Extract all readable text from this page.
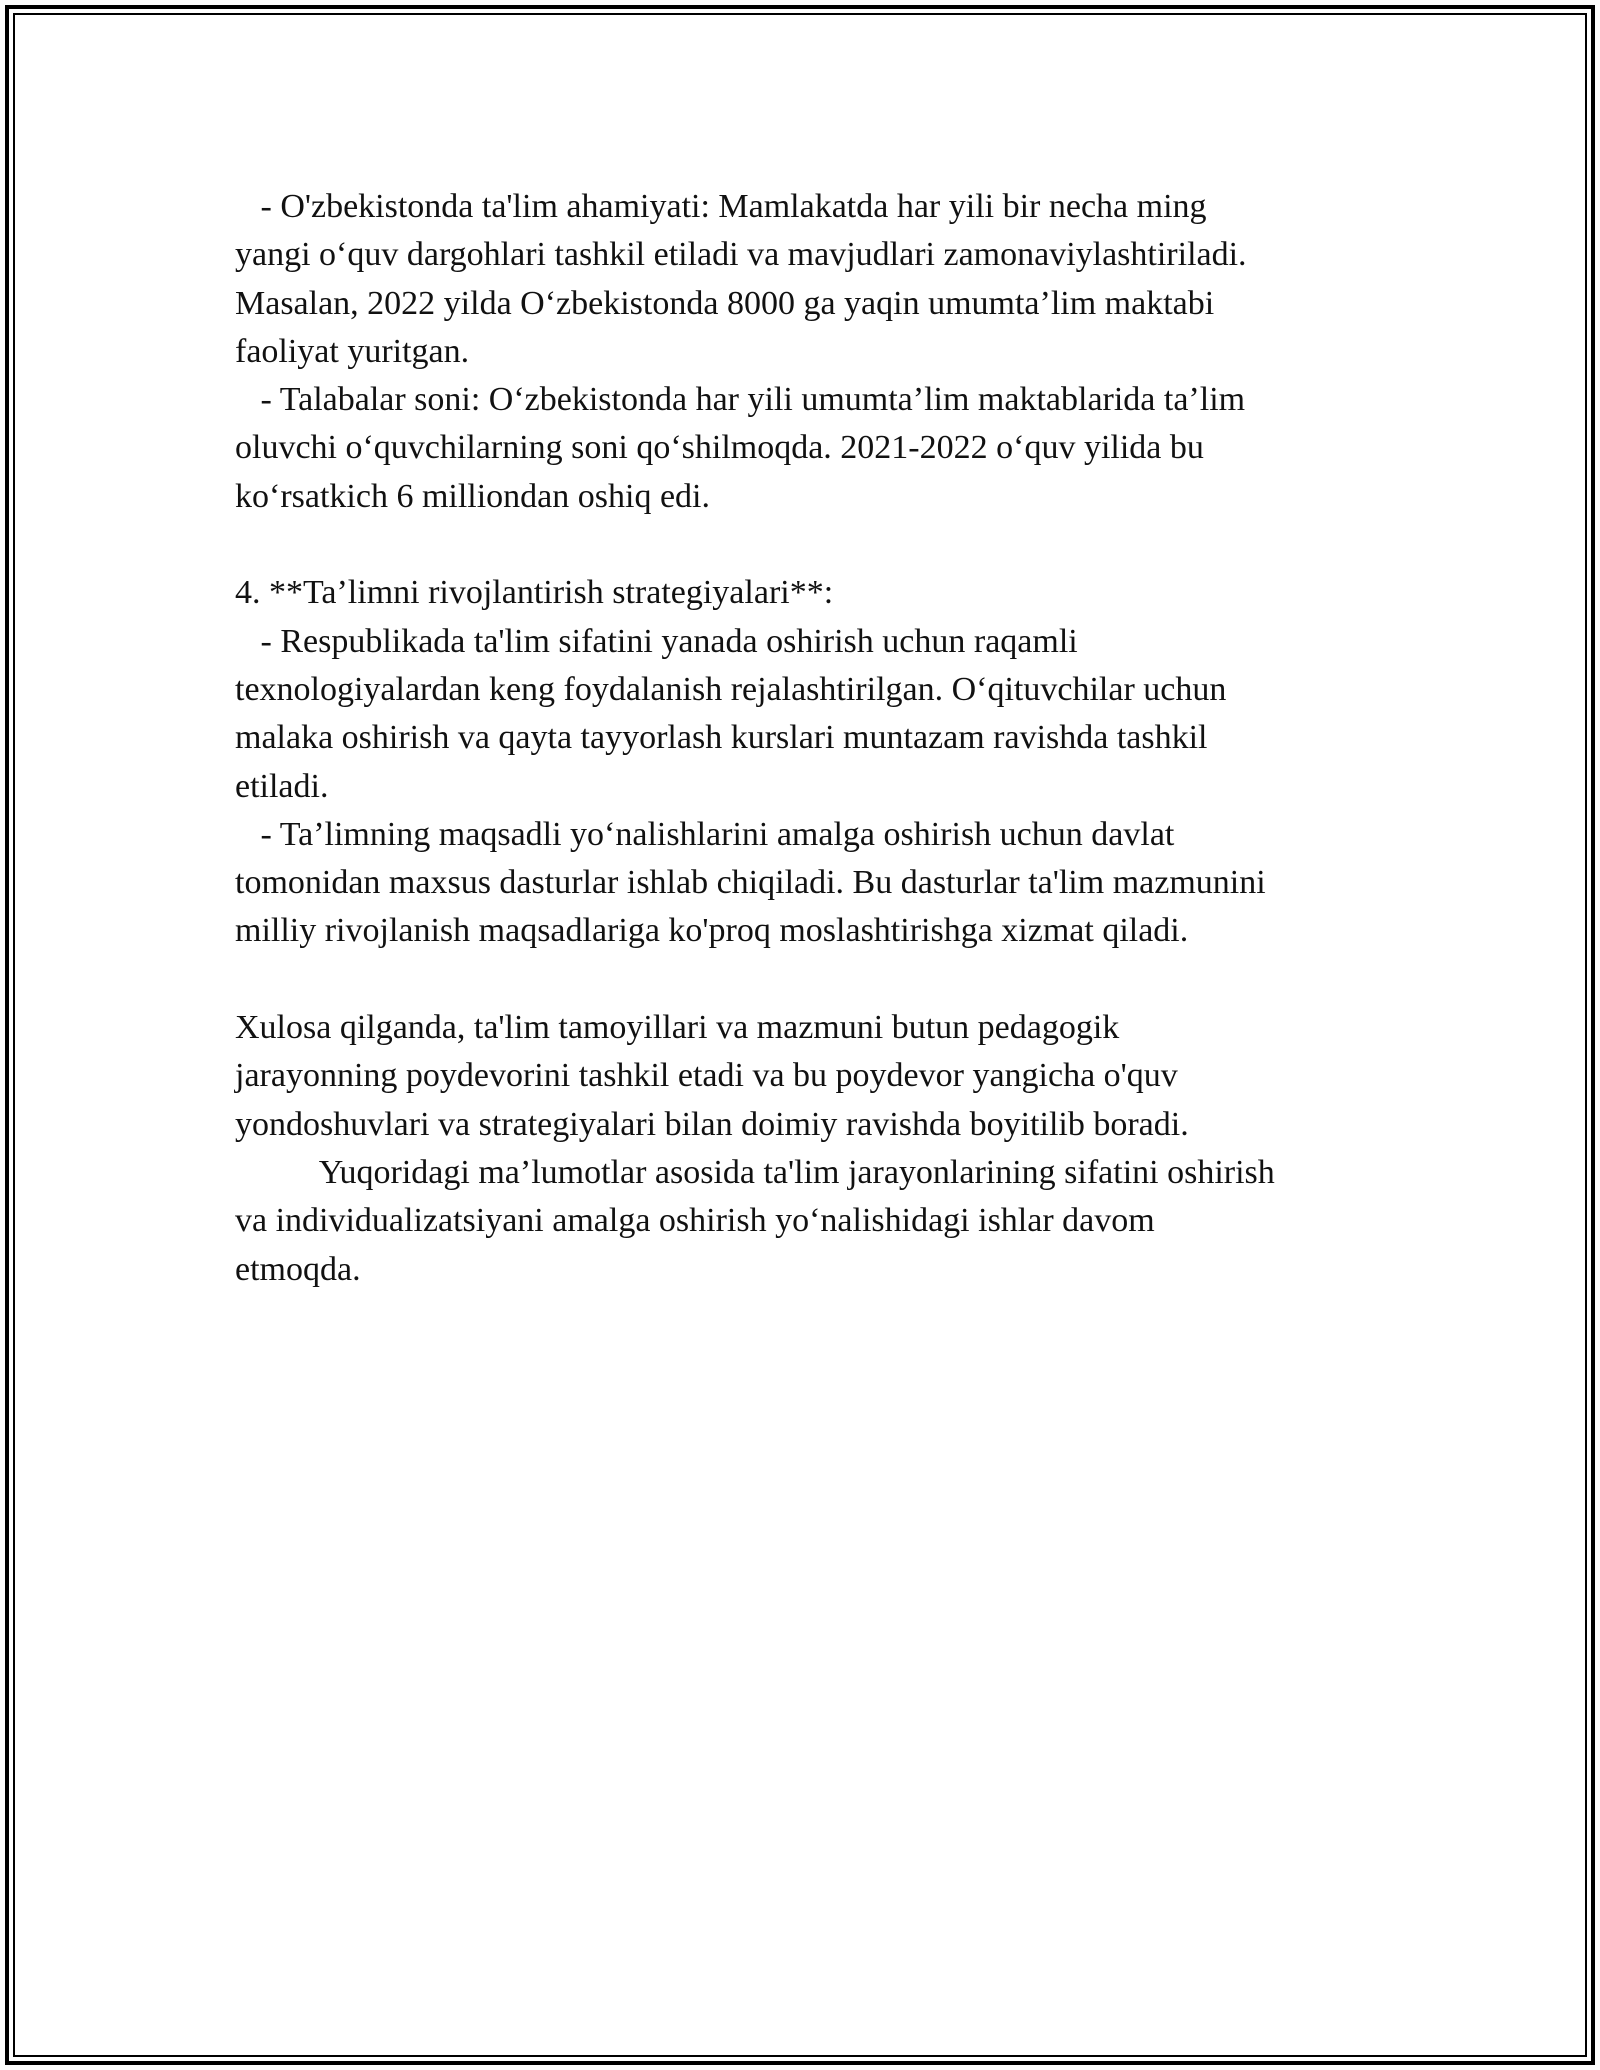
- O'zbekistonda ta'lim ahamiyati: Mamlakatda har yili bir necha ming

yangi o‘quv dargohlari tashkil etiladi va mavjudlari zamonaviylashtiriladi.

Masalan, 2022 yilda O‘zbekistonda 8000 ga yaqin umumta’lim maktabi

faoliyat yuritgan.

- Talabalar soni: O‘zbekistonda har yili umumta’lim maktablarida ta’lim

oluvchi o‘quvchilarning soni qo‘shilmoqda. 2021-2022 o‘quv yilida bu

ko‘rsatkich 6 milliondan oshiq edi.

4. **Ta’limni rivojlantirish strategiyalari**:

- Respublikada ta'lim sifatini yanada oshirish uchun raqamli

texnologiyalardan keng foydalanish rejalashtirilgan. O‘qituvchilar uchun

malaka oshirish va qayta tayyorlash kurslari muntazam ravishda tashkil

etiladi.

- Ta’limning maqsadli yo‘nalishlarini amalga oshirish uchun davlat

tomonidan maxsus dasturlar ishlab chiqiladi. Bu dasturlar ta'lim mazmunini

milliy rivojlanish maqsadlariga ko'proq moslashtirishga xizmat qiladi.

Xulosa qilganda, ta'lim tamoyillari va mazmuni butun pedagogik

jarayonning poydevorini tashkil etadi va bu poydevor yangicha o'quv

yondoshuvlari va strategiyalari bilan doimiy ravishda boyitilib boradi.

Yuqoridagi ma’lumotlar asosida ta'lim jarayonlarining sifatini oshirish

va individualizatsiyani amalga oshirish yo‘nalishidagi ishlar davom

etmoqda.
